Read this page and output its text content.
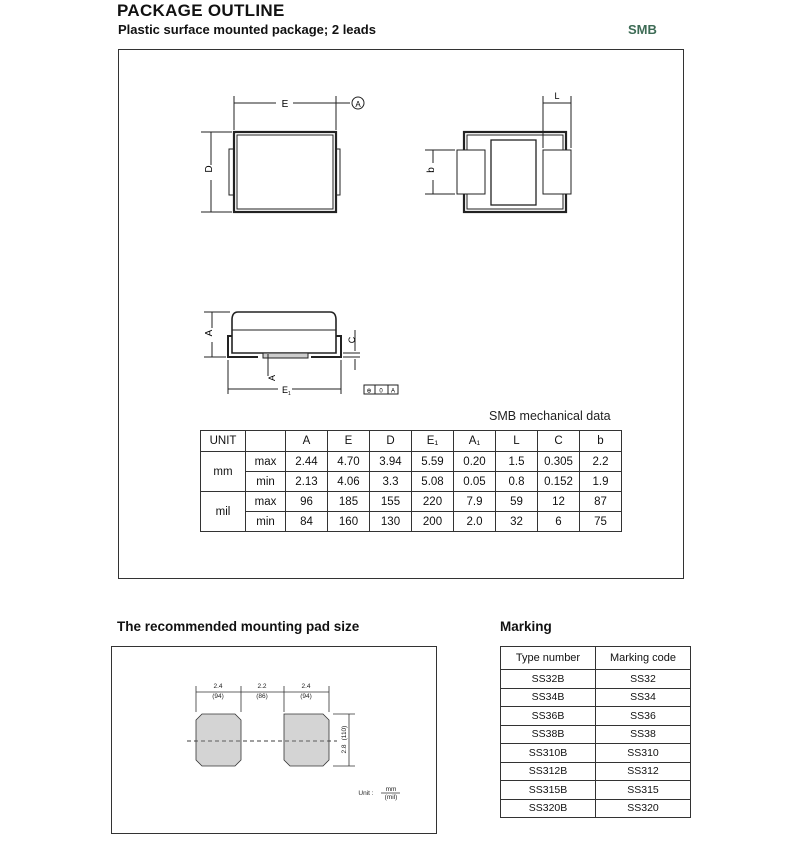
PACKAGE OUTLINE
Plastic surface mounted package; 2 leads	SMB
E	A
D
L
b
A
C
A
E 1	⊕ 0 A
SMB mechanical data
UNIT		A	E	D	E₁	A₁	L	C	b
mm	max	2.44	4.70	3.94	5.59	0.20	1.5	0.305	2.2
	min	2.13	4.06	3.3	5.08	0.05	0.8	0.152	1.9
mil	max	96	185	155	220	7.9	59	12	87
	min	84	160	130	200	2.0	32	6	75
The recommended mounting pad size
2.4
(94)
2.2
(86)
2.4
(94)
2.8
(110)
Unit :
mm
(mil)
Marking
Type number	Marking code
SS32B	SS32
SS34B	SS34
SS36B	SS36
SS38B	SS38
SS310B	SS310
SS312B	SS312
SS315B	SS315
SS320B	SS320
